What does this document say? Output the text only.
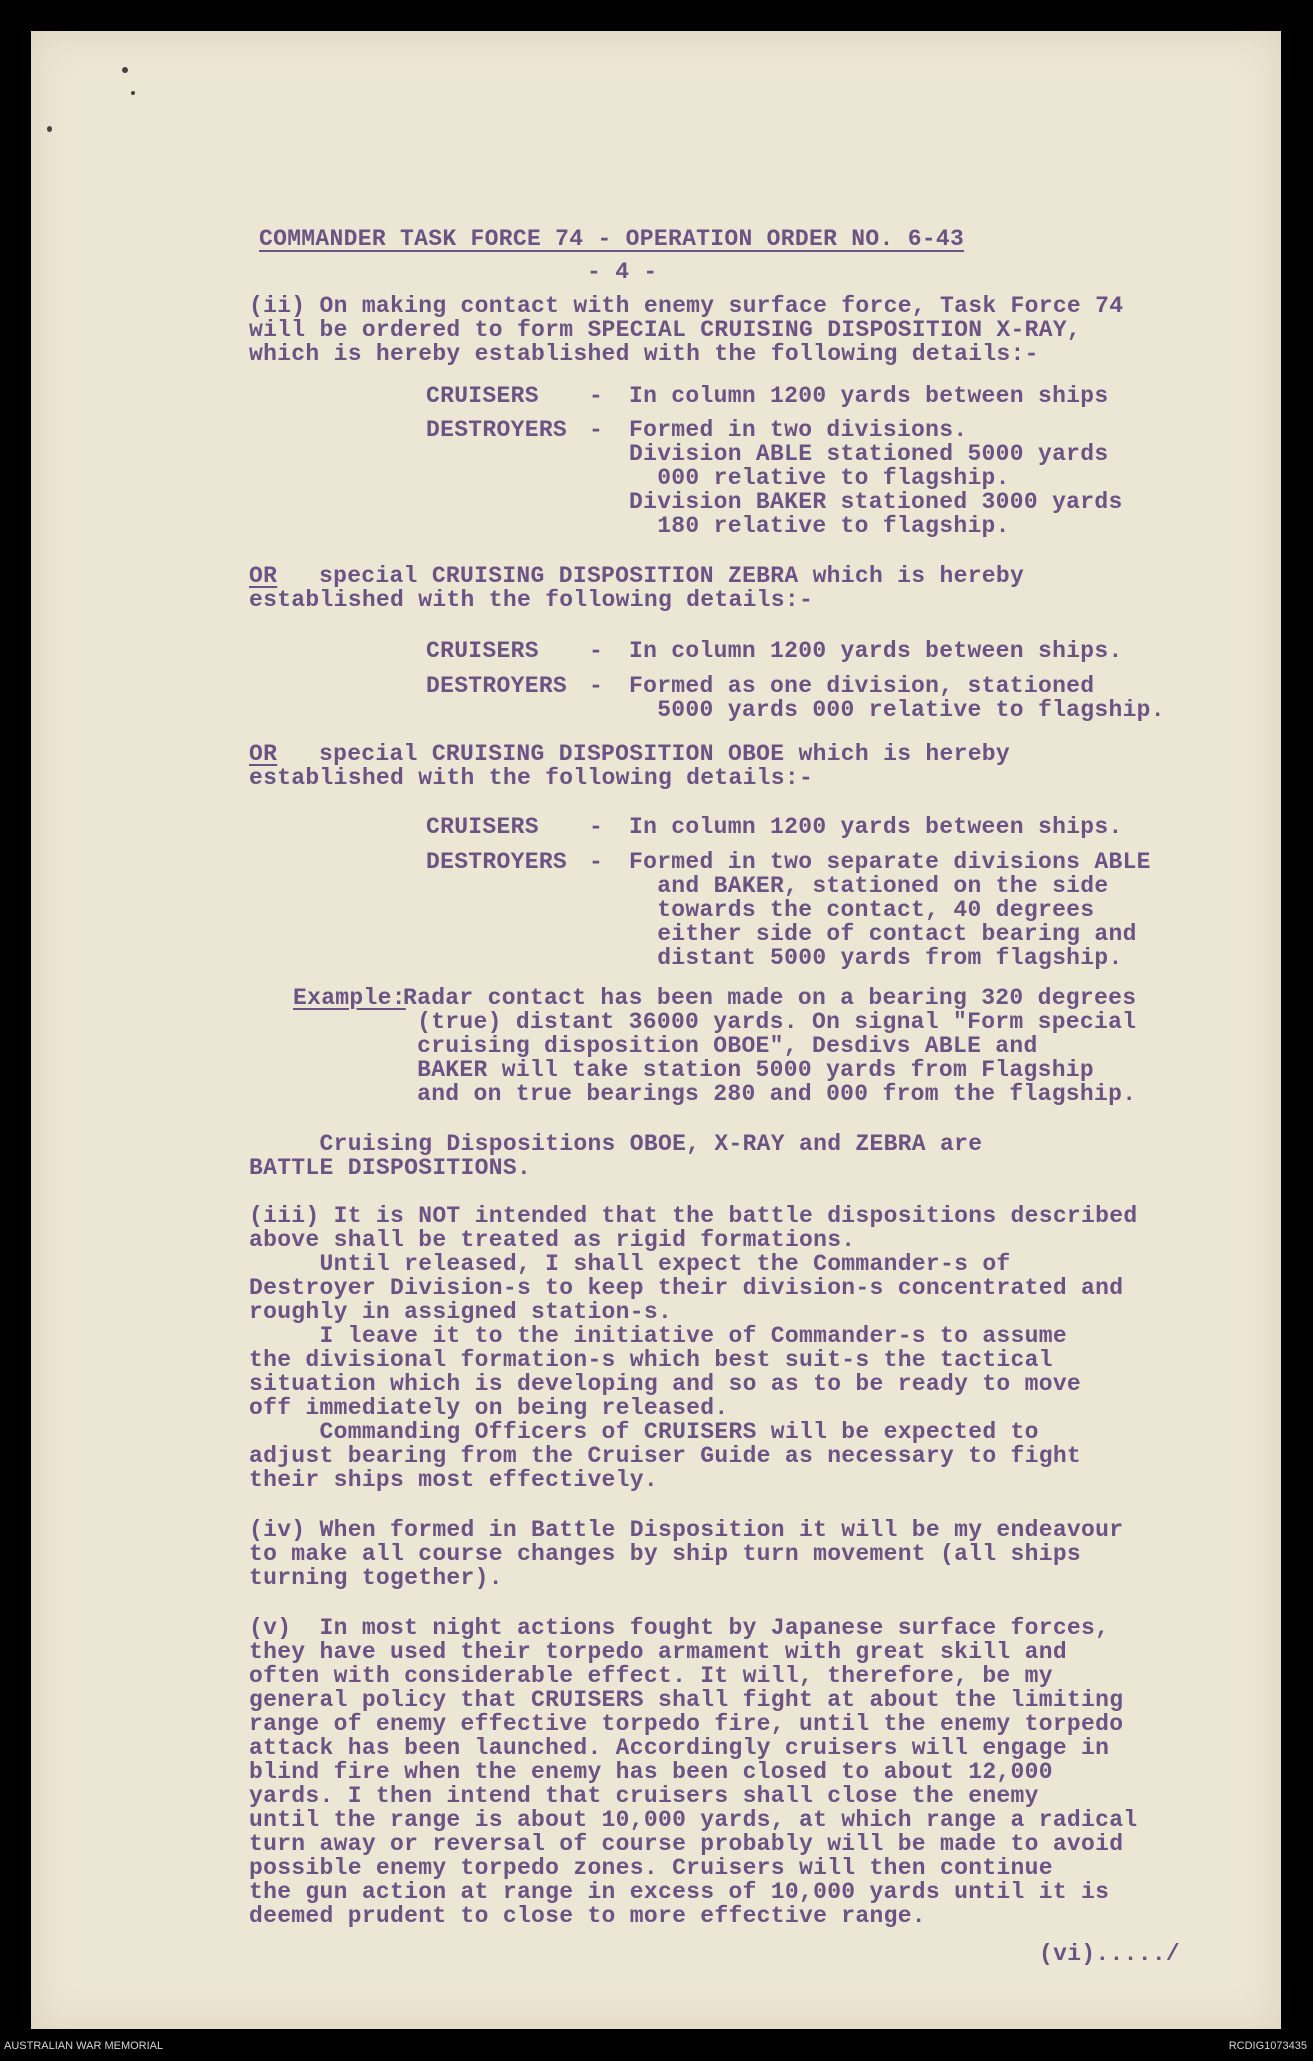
COMMANDER TASK FORCE 74 - OPERATION ORDER NO. 6-43
- 4 -
(ii) On making contact with enemy surface force, Task Force 74
will be ordered to form SPECIAL CRUISING DISPOSITION X-RAY,
which is hereby established with the following details:-
CRUISERS - In column 1200 yards between ships
DESTROYERS - Formed in two divisions.
Division ABLE stationed 5000 yards
000 relative to flagship.
Division BAKER stationed 3000 yards
180 relative to flagship.
OR special CRUISING DISPOSITION ZEBRA which is hereby
established with the following details:-
CRUISERS - In column 1200 yards between ships.
DESTROYERS - Formed as one division, stationed
5000 yards 000 relative to flagship.
OR special CRUISING DISPOSITION OBOE which is hereby
established with the following details:-
CRUISERS - In column 1200 yards between ships.
DESTROYERS - Formed in two separate divisions ABLE
and BAKER, stationed on the side
towards the contact, 40 degrees
either side of contact bearing and
distant 5000 yards from flagship.
Example:
Radar contact has been made on a bearing 320 degrees
(true) distant 36000 yards. On signal "Form special
cruising disposition OBOE", Desdivs ABLE and
BAKER will take station 5000 yards from Flagship
and on true bearings 280 and 000 from the flagship.
Cruising Dispositions OBOE, X-RAY and ZEBRA are
BATTLE DISPOSITIONS.
(iii) It is NOT intended that the battle dispositions described
above shall be treated as rigid formations.
Until released, I shall expect the Commander-s of
Destroyer Division-s to keep their division-s concentrated and
roughly in assigned station-s.
I leave it to the initiative of Commander-s to assume
the divisional formation-s which best suit-s the tactical
situation which is developing and so as to be ready to move
off immediately on being released.
Commanding Officers of CRUISERS will be expected to
adjust bearing from the Cruiser Guide as necessary to fight
their ships most effectively.
(iv) When formed in Battle Disposition it will be my endeavour
to make all course changes by ship turn movement (all ships
turning together).
(v)  In most night actions fought by Japanese surface forces,
they have used their torpedo armament with great skill and
often with considerable effect. It will, therefore, be my
general policy that CRUISERS shall fight at about the limiting
range of enemy effective torpedo fire, until the enemy torpedo
attack has been launched. Accordingly cruisers will engage in
blind fire when the enemy has been closed to about 12,000
yards. I then intend that cruisers shall close the enemy
until the range is about 10,000 yards, at which range a radical
turn away or reversal of course probably will be made to avoid
possible enemy torpedo zones. Cruisers will then continue
the gun action at range in excess of 10,000 yards until it is
deemed prudent to close to more effective range.
(vi)...../
AUSTRALIAN WAR MEMORIAL	RCDIG1073435
